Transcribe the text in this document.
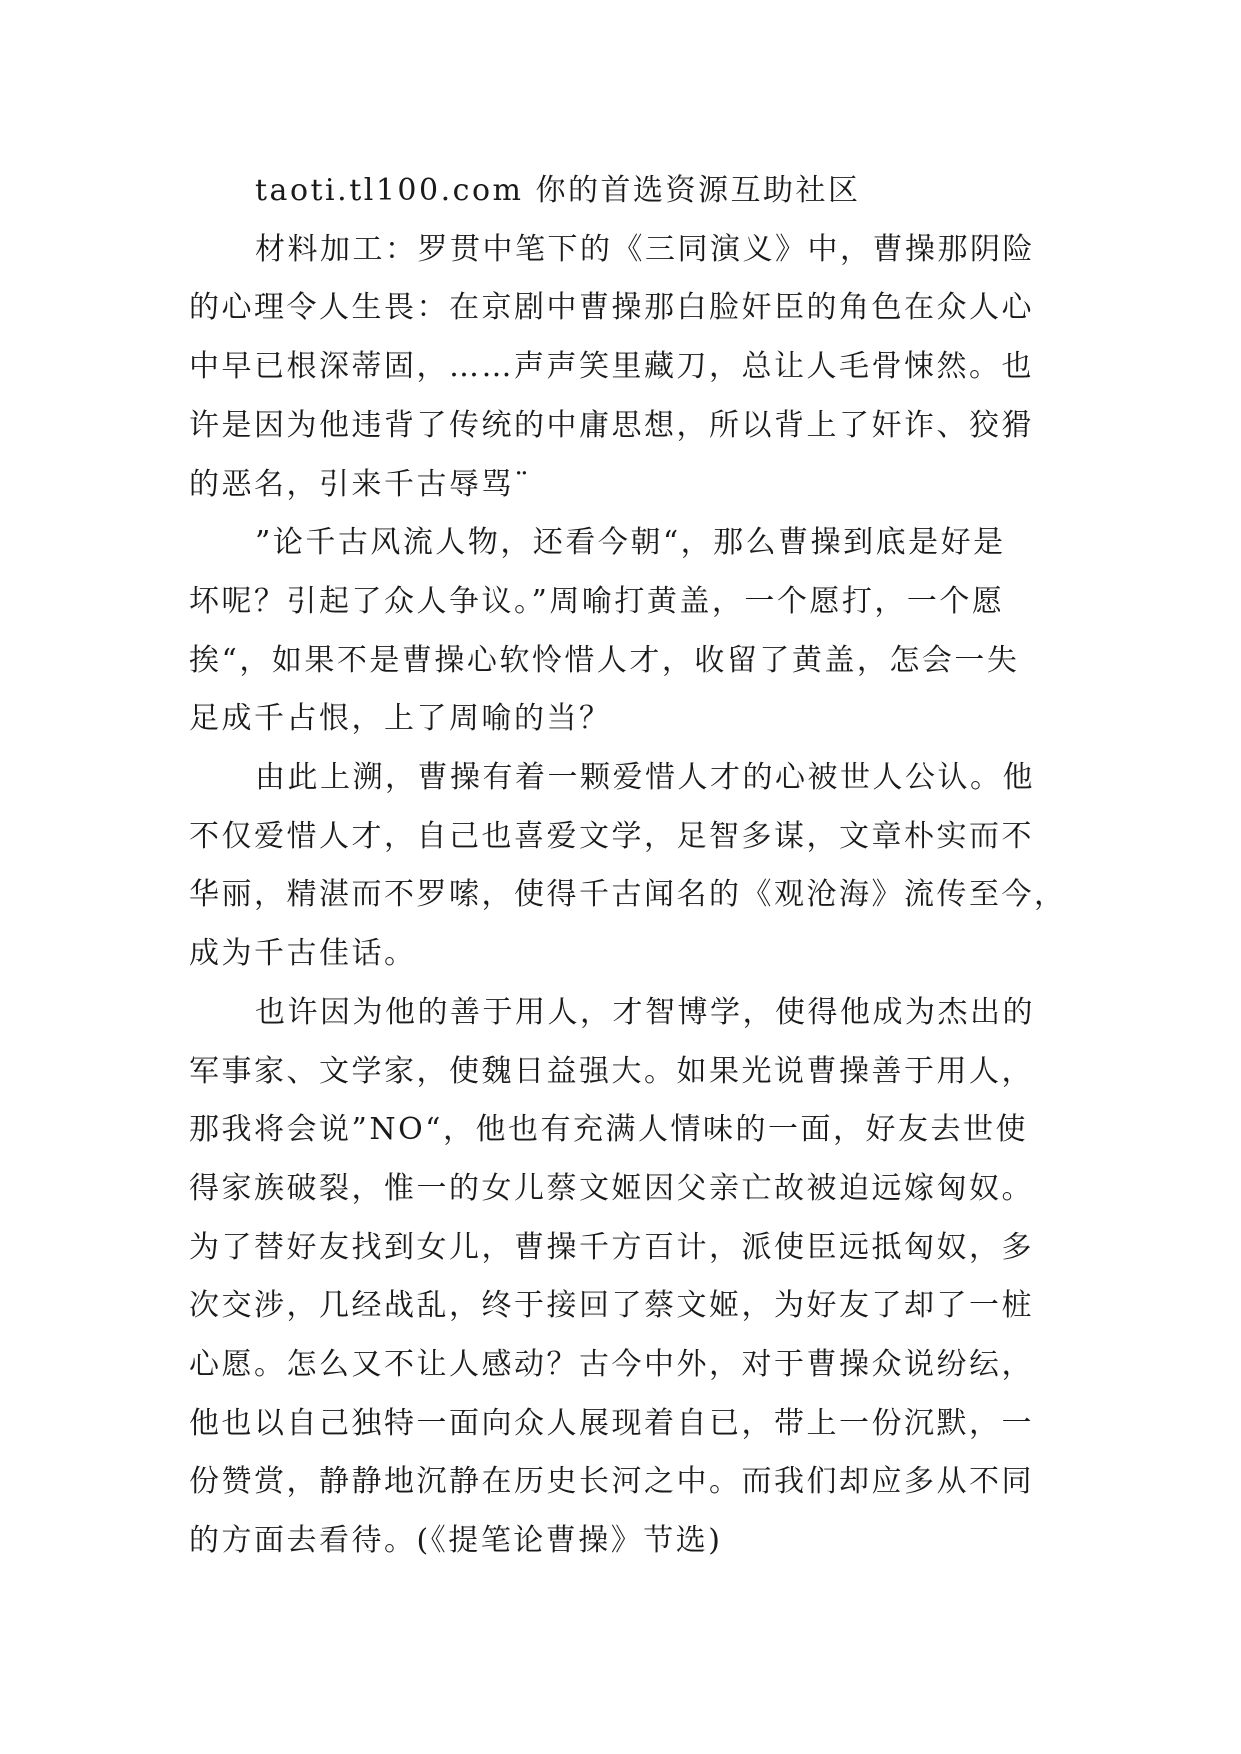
taoti.tl100.com 你的首选资源互助社区

材料加工：罗贯中笔下的《三同演义》中，曹操那阴险
的心理令人生畏：在京剧中曹操那白脸奸臣的角色在众人心
中早已根深蒂固，……声声笑里藏刀，总让人毛骨悚然。也
许是因为他违背了传统的中庸思想，所以背上了奸诈、狡猾
的恶名，引来千古辱骂¨

”论千古风流人物，还看今朝“，那么曹操到底是好是
坏呢？引起了众人争议。”周喻打黄盖，一个愿打，一个愿
挨“，如果不是曹操心软怜惜人才，收留了黄盖，怎会一失
足成千占恨，上了周喻的当？

由此上溯，曹操有着一颗爱惜人才的心被世人公认。他
不仅爱惜人才，自己也喜爱文学，足智多谋，文章朴实而不
华丽，精湛而不罗嗦，使得千古闻名的《观沧海》流传至今，
成为千古佳话。

也许因为他的善于用人，才智博学，使得他成为杰出的
军事家、文学家，使魏日益强大。如果光说曹操善于用人，
那我将会说”NO“，他也有充满人情味的一面，好友去世使
得家族破裂，惟一的女儿蔡文姬因父亲亡故被迫远嫁匈奴。
为了替好友找到女儿，曹操千方百计，派使臣远抵匈奴，多
次交涉，几经战乱，终于接回了蔡文姬，为好友了却了一桩
心愿。怎么又不让人感动？古今中外，对于曹操众说纷纭，
他也以自己独特一面向众人展现着自已，带上一份沉默，一
份赞赏，静静地沉静在历史长河之中。而我们却应多从不同
的方面去看待。(《提笔论曹操》节选)
